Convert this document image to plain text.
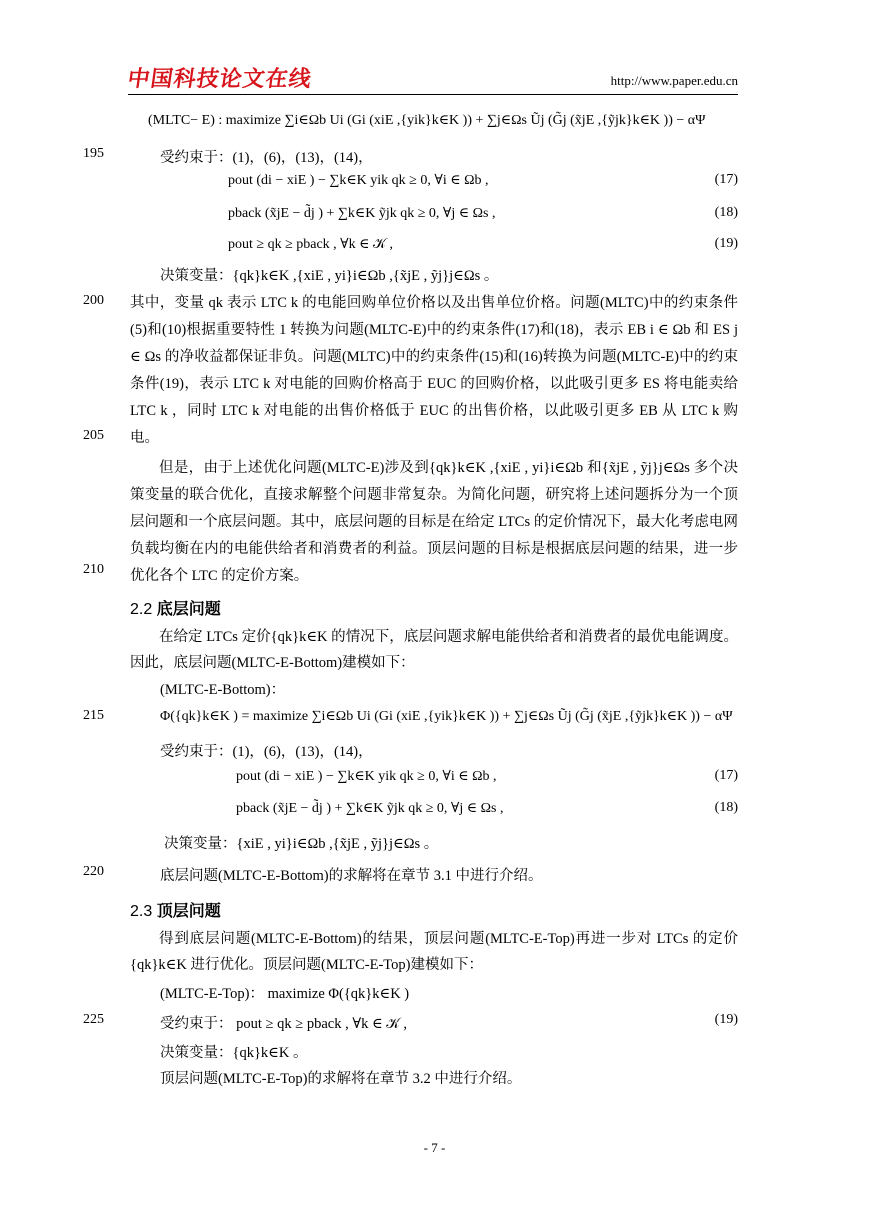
中国科技论文在线	http://www.paper.edu.cn
(MLTC− E) : maximize ∑i∈Ωb Ui (Gi (xiE ,{yik}k∈K )) + ∑j∈Ωs Ũj (G̃j (x̃jE ,{ỹjk}k∈K )) − αΨ
195	受约束于：(1)，(6)，(13)，(14)，
pout (di − xiE ) − ∑k∈K yik qk ≥ 0, ∀i ∈ Ωb ,	(17)
pback (x̃jE − d̃j ) + ∑k∈K ỹjk qk ≥ 0, ∀j ∈ Ωs ,	(18)
pout ≥ qk ≥ pback , ∀k ∈ 𝒦 ,	(19)
决策变量：{qk}k∈K ,{xiE , yi}i∈Ωb ,{x̃jE , ỹj}j∈Ωs 。
200
205
其中，变量 qk 表示 LTC k 的电能回购单位价格以及出售单位价格。问题(MLTC)中的约束条件(5)和(10)根据重要特性 1 转换为问题(MLTC-E)中的约束条件(17)和(18)，表示 EB i ∈ Ωb 和 ES j ∈ Ωs 的净收益都保证非负。问题(MLTC)中的约束条件(15)和(16)转换为问题(MLTC-E)中的约束条件(19)，表示 LTC k 对电能的回购价格高于 EUC 的回购价格，以此吸引更多 ES 将电能卖给 LTC k ，同时 LTC k 对电能的出售价格低于 EUC 的出售价格，以此吸引更多 EB 从 LTC k 购电。
210
但是，由于上述优化问题(MLTC-E)涉及到{qk}k∈K ,{xiE , yi}i∈Ωb 和{x̃jE , ỹj}j∈Ωs 多个决策变量的联合优化，直接求解整个问题非常复杂。为简化问题，研究将上述问题拆分为一个顶层问题和一个底层问题。其中，底层问题的目标是在给定 LTCs 的定价情况下，最大化考虑电网负载均衡在内的电能供给者和消费者的利益。顶层问题的目标是根据底层问题的结果，进一步优化各个 LTC 的定价方案。
2.2 底层问题
在给定 LTCs 定价{qk}k∈K 的情况下，底层问题求解电能供给者和消费者的最优电能调度。因此，底层问题(MLTC-E-Bottom)建模如下：
(MLTC-E-Bottom)：
215	Φ({qk}k∈K ) = maximize ∑i∈Ωb Ui (Gi (xiE ,{yik}k∈K )) + ∑j∈Ωs Ũj (G̃j (x̃jE ,{ỹjk}k∈K )) − αΨ
受约束于：(1)，(6)，(13)，(14)，
pout (di − xiE ) − ∑k∈K yik qk ≥ 0, ∀i ∈ Ωb ,	(17)
pback (x̃jE − d̃j ) + ∑k∈K ỹjk qk ≥ 0, ∀j ∈ Ωs ,	(18)
决策变量：{xiE , yi}i∈Ωb ,{x̃jE , ỹj}j∈Ωs 。
220	底层问题(MLTC-E-Bottom)的求解将在章节 3.1 中进行介绍。
2.3 顶层问题
得到底层问题(MLTC-E-Bottom)的结果，顶层问题(MLTC-E-Top)再进一步对 LTCs 的定价{qk}k∈K 进行优化。顶层问题(MLTC-E-Top)建模如下：
(MLTC-E-Top)： maximize Φ({qk}k∈K )
225	受约束于： pout ≥ qk ≥ pback , ∀k ∈ 𝒦 ,	(19)
决策变量：{qk}k∈K 。
顶层问题(MLTC-E-Top)的求解将在章节 3.2 中进行介绍。
- 7 -
